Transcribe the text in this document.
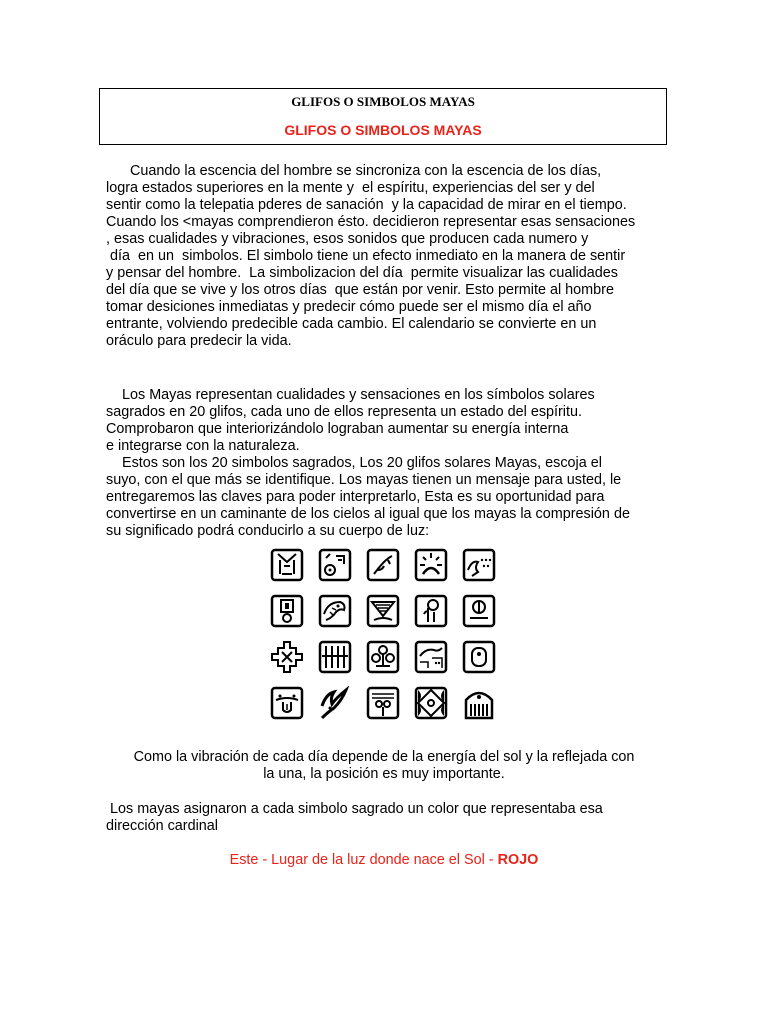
GLIFOS O SIMBOLOS MAYAS
GLIFOS O SIMBOLOS MAYAS
Cuando la escencia del hombre se sincroniza con la escencia de los días,
logra estados superiores en la mente y  el espíritu, experiencias del ser y del
sentir como la telepatia pderes de sanación  y la capacidad de mirar en el tiempo.
Cuando los <mayas comprendieron ésto. decidieron representar esas sensaciones
, esas cualidades y vibraciones, esos sonidos que producen cada numero y
día  en un  simbolos. El simbolo tiene un efecto inmediato en la manera de sentir
y pensar del hombre.  La simbolizacion del día  permite visualizar las cualidades
del día que se vive y los otros días  que están por venir. Esto permite al hombre
tomar desiciones inmediatas y predecir cómo puede ser el mismo día el año
entrante, volviendo predecible cada cambio. El calendario se convierte en un
oráculo para predecir la vida.
Los Mayas representan cualidades y sensaciones en los símbolos solares
sagrados en 20 glifos, cada uno de ellos representa un estado del espíritu.
Comprobaron que interiorizándolo lograban aumentar su energía interna
e integrarse con la naturaleza.
Estos son los 20 simbolos sagrados, Los 20 glifos solares Mayas, escoja el
suyo, con el que más se identifique. Los mayas tienen un mensaje para usted, le
entregaremos las claves para poder interpretarlo, Esta es su oportunidad para
convertirse en un caminante de los cielos al igual que los mayas la compresión de
su significado podrá conducirlo a su cuerpo de luz:
Como la vibración de cada día depende de la energía del sol y la reflejada con
la una, la posición es muy importante.
Los mayas asignaron a cada simbolo sagrado un color que representaba esa
dirección cardinal
Este - Lugar de la luz donde nace el Sol - ROJO
